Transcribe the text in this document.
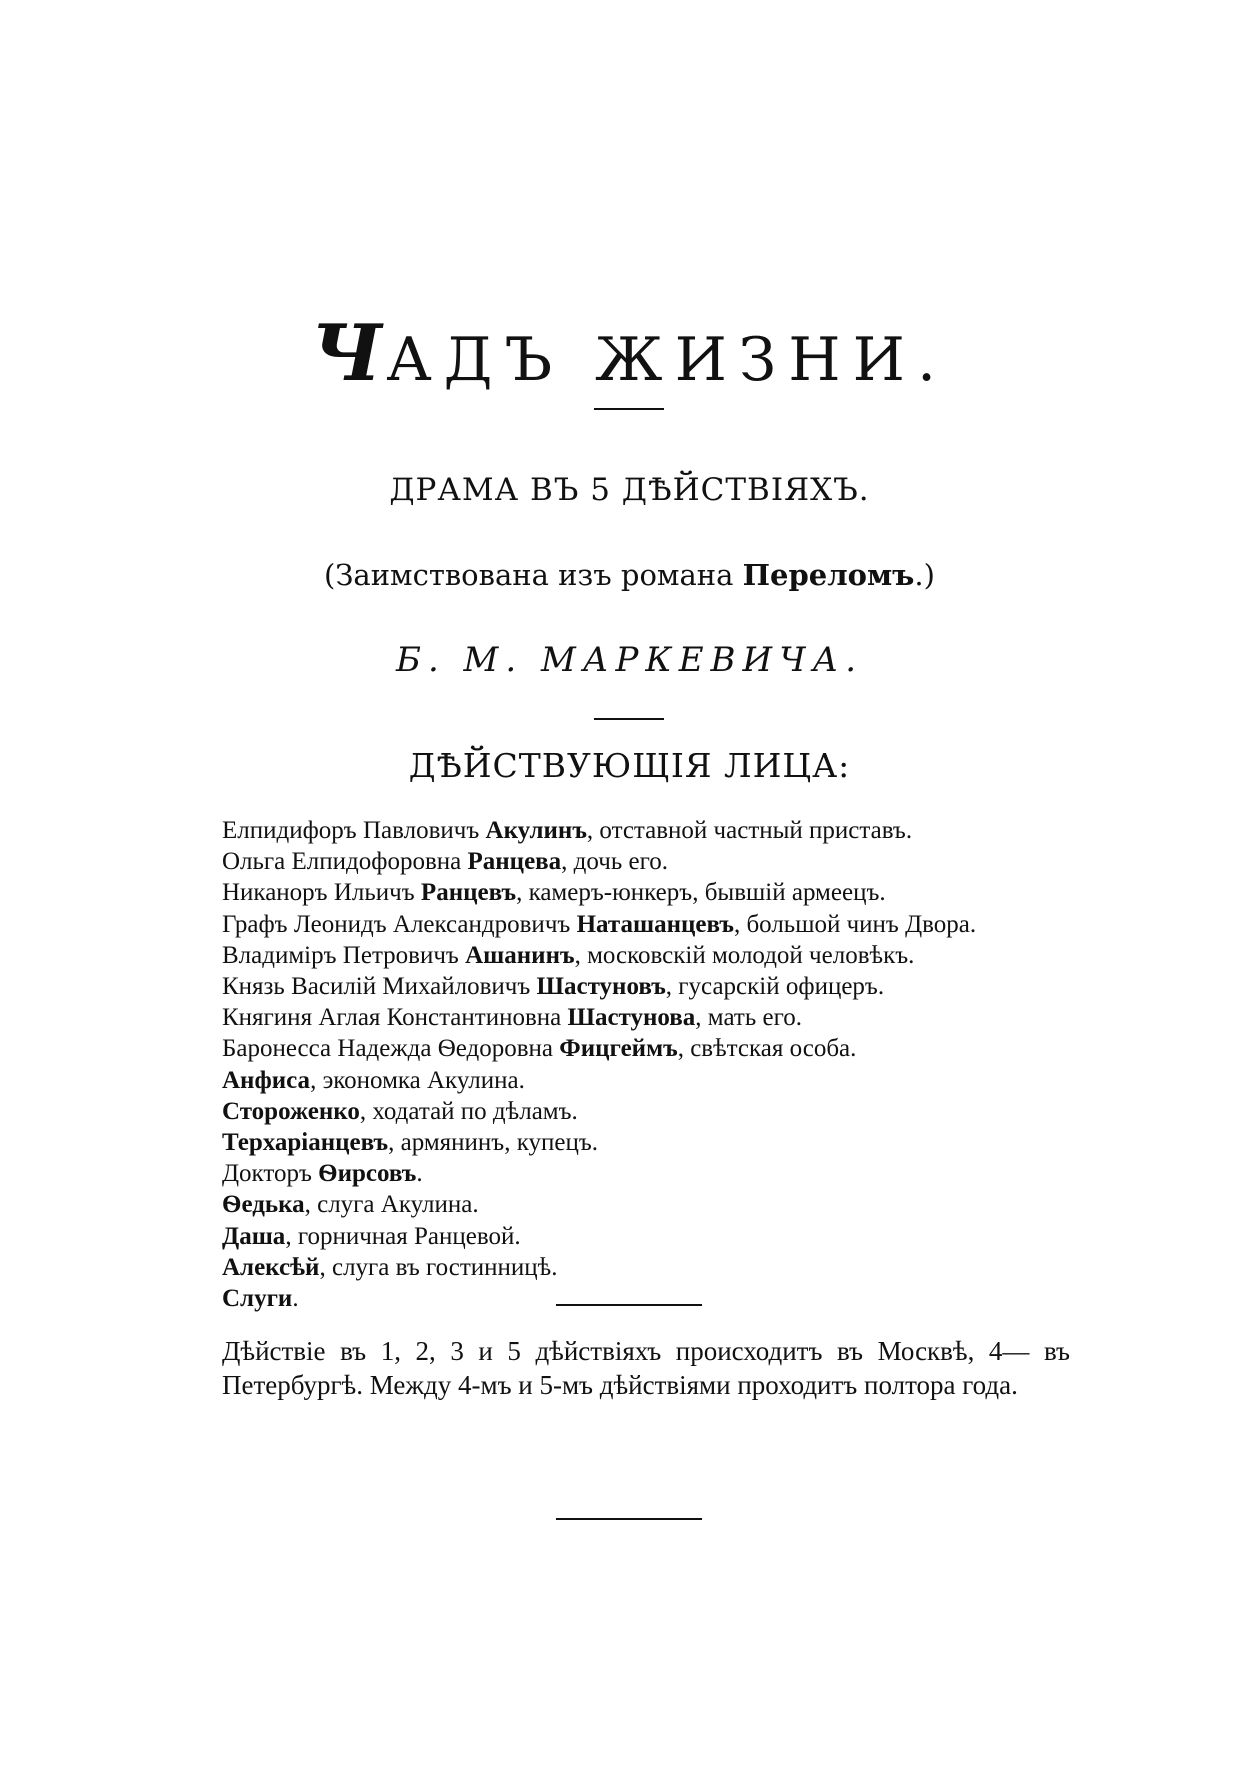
ЧАДЪ ЖИЗНИ.
ДРАМА ВЪ 5 ДѢЙСТВІЯХЪ.
(Заимствована изъ романа Переломъ.)
Б. М. МАРКЕВИЧА.
ДѢЙСТВУЮЩІЯ ЛИЦА:
Елпидифоръ Павловичъ Акулинъ, отставной частный приставъ.
Ольга Елпидофоровна Ранцева, дочь его.
Никаноръ Ильичъ Ранцевъ, камеръ-юнкеръ, бывшій армеецъ.
Графъ Леонидъ Александровичъ Наташанцевъ, большой чинъ Двора.
Владиміръ Петровичъ Ашанинъ, московскій молодой человѣкъ.
Князь Василій Михайловичъ Шастуновъ, гусарскій офицеръ.
Княгиня Аглая Константиновна Шастунова, мать его.
Баронесса Надежда Ѳедоровна Фицгеймъ, свѣтская особа.
Анфиса, экономка Акулина.
Стороженко, ходатай по дѣламъ.
Терхаріанцевъ, армянинъ, купецъ.
Докторъ Ѳирсовъ.
Ѳедька, слуга Акулина.
Даша, горничная Ранцевой.
Алексѣй, слуга въ гостинницѣ.
Слуги.
Дѣйствіе въ 1, 2, 3 и 5 дѣйствіяхъ происходитъ въ Москвѣ, 4— въ Петербургѣ. Между 4-мъ и 5-мъ дѣйствіями проходитъ полтора года.
